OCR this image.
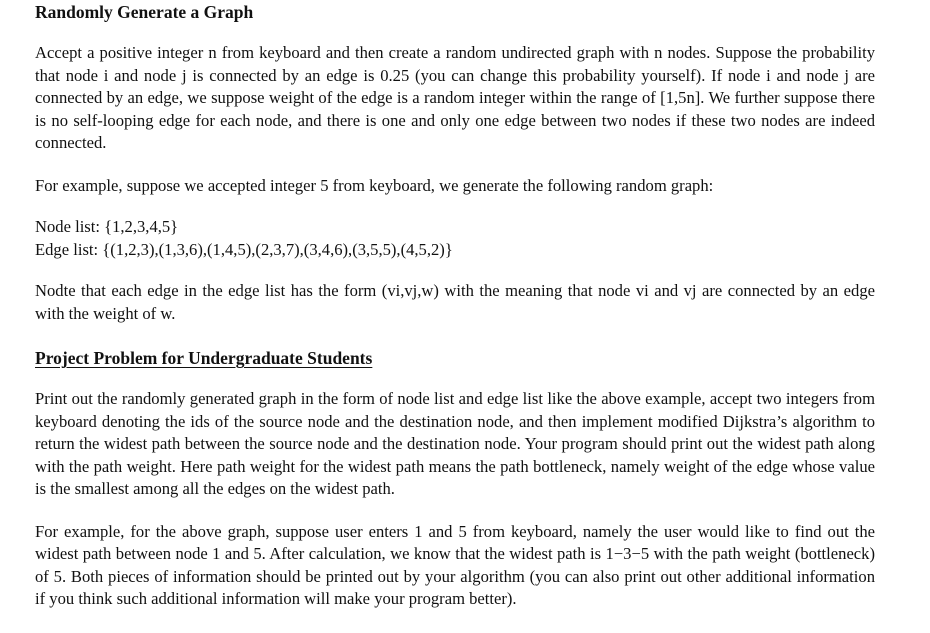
Randomly Generate a Graph

Accept a positive integer n from keyboard and then create a random undirected graph with n nodes. Suppose the probability that node i and node j is connected by an edge is 0.25 (you can change this probability yourself). If node i and node j are connected by an edge, we suppose weight of the edge is a random integer within the range of [1,5n]. We further suppose there is no self-looping edge for each node, and there is one and only one edge between two nodes if these two nodes are indeed connected.

For example, suppose we accepted integer 5 from keyboard, we generate the following random graph:

Node list: {1,2,3,4,5}

Edge list: {(1,2,3),(1,3,6),(1,4,5),(2,3,7),(3,4,6),(3,5,5),(4,5,2)}

Nodte that each edge in the edge list has the form (vi,vj,w) with the meaning that node vi and vj are connected by an edge with the weight of w.

Project Problem for Undergraduate Students

Print out the randomly generated graph in the form of node list and edge list like the above example, accept two integers from keyboard denoting the ids of the source node and the destination node, and then implement modified Dijkstra’s algorithm to return the widest path between the source node and the destination node. Your program should print out the widest path along with the path weight. Here path weight for the widest path means the path bottleneck, namely weight of the edge whose value is the smallest among all the edges on the widest path.

For example, for the above graph, suppose user enters 1 and 5 from keyboard, namely the user would like to find out the widest path between node 1 and 5. After calculation, we know that the widest path is 1−3−5 with the path weight (bottleneck) of 5. Both pieces of information should be printed out by your algorithm (you can also print out other additional information if you think such additional information will make your program better).
